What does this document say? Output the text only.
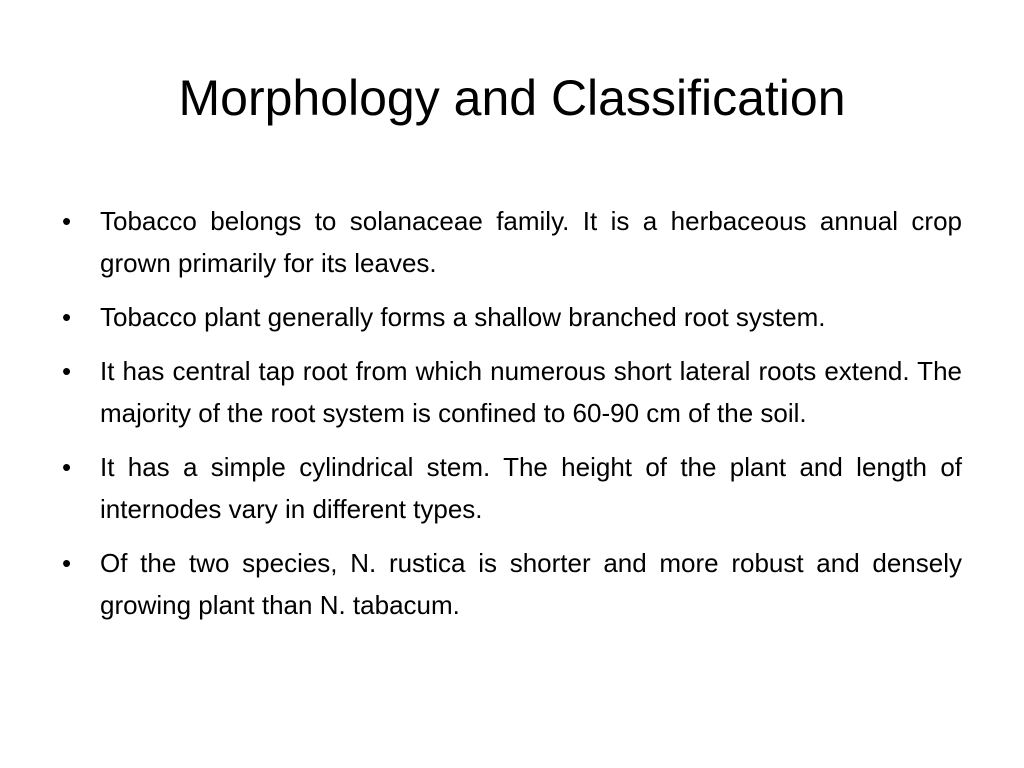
Morphology and Classification
•	Tobacco belongs to solanaceae family. It is a herbaceous annual crop grown primarily for its leaves.
•	Tobacco plant generally forms a shallow branched root system.
•	It has central tap root from which numerous short lateral roots extend. The majority of the root system is confined to 60-90 cm of the soil.
•	It has a simple cylindrical stem. The height of the plant and length of internodes vary in different types.
•	Of the two species, N. rustica is shorter and more robust and densely growing plant than N. tabacum.
